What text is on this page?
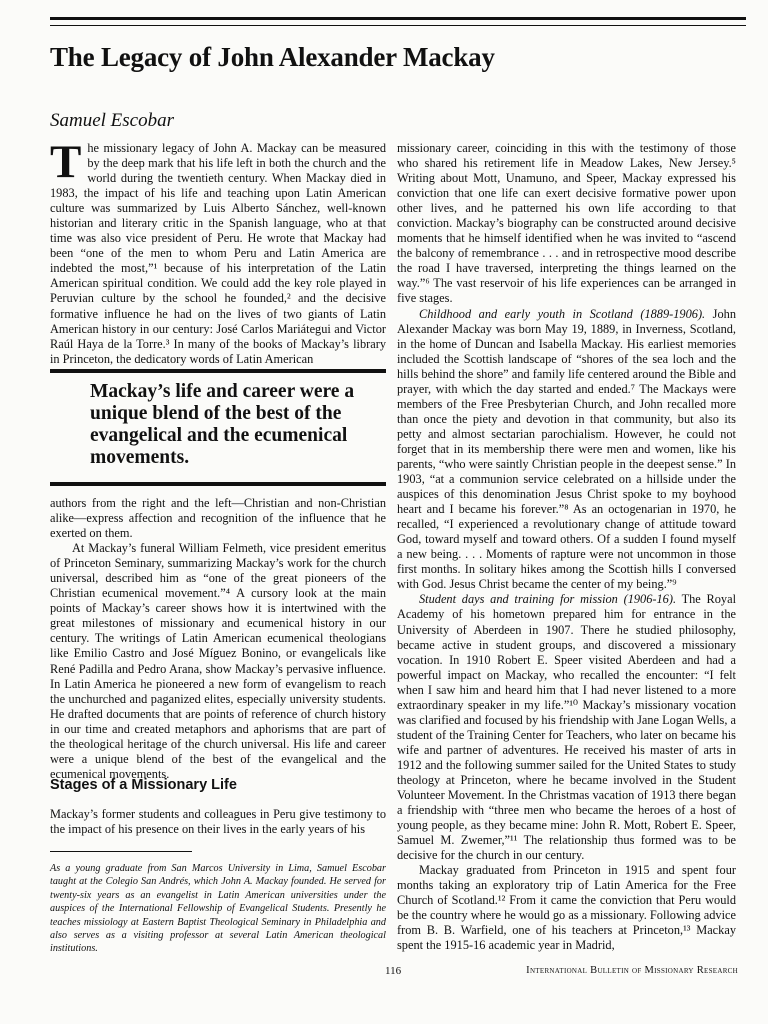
The Legacy of John Alexander Mackay

Samuel Escobar

The missionary legacy of John A. Mackay can be measured by the deep mark that his life left in both the church and the world during the twentieth century. When Mackay died in 1983, the impact of his life and teaching upon Latin American culture was summarized by Luis Alberto Sánchez, well-known historian and literary critic in the Spanish language, who at that time was also vice president of Peru. He wrote that Mackay had been “one of the men to whom Peru and Latin America are indebted the most,”¹ because of his interpretation of the Latin American spiritual condition. We could add the key role played in Peruvian culture by the school he founded,² and the decisive formative influence he had on the lives of two giants of Latin American history in our century: José Carlos Mariátegui and Victor Raúl Haya de la Torre.³ In many of the books of Mackay’s library in Princeton, the dedicatory words of Latin American

Mackay’s life and career were a unique blend of the best of the evangelical and the ecumenical movements.

authors from the right and the left—Christian and non-Christian alike—express affection and recognition of the influence that he exerted on them.

At Mackay’s funeral William Felmeth, vice president emeritus of Princeton Seminary, summarizing Mackay’s work for the church universal, described him as “one of the great pioneers of the Christian ecumenical movement.”⁴ A cursory look at the main points of Mackay’s career shows how it is intertwined with the great milestones of missionary and ecumenical history in our century. The writings of Latin American ecumenical theologians like Emilio Castro and José Míguez Bonino, or evangelicals like René Padilla and Pedro Arana, show Mackay’s pervasive influence. In Latin America he pioneered a new form of evangelism to reach the unchurched and paganized elites, especially university students. He drafted documents that are points of reference of church history in our time and created metaphors and aphorisms that are part of the theological heritage of the church universal. His life and career were a unique blend of the best of the evangelical and the ecumenical movements.

Stages of a Missionary Life

Mackay’s former students and colleagues in Peru give testimony to the impact of his presence on their lives in the early years of his

As a young graduate from San Marcos University in Lima, Samuel Escobar taught at the Colegio San Andrés, which John A. Mackay founded. He served for twenty-six years as an evangelist in Latin American universities under the auspices of the International Fellowship of Evangelical Students. Presently he teaches missiology at Eastern Baptist Theological Seminary in Philadelphia and also serves as a visiting professor at several Latin American theological institutions.

missionary career, coinciding in this with the testimony of those who shared his retirement life in Meadow Lakes, New Jersey.⁵ Writing about Mott, Unamuno, and Speer, Mackay expressed his conviction that one life can exert decisive formative power upon other lives, and he patterned his own life according to that conviction. Mackay’s biography can be constructed around decisive moments that he himself identified when he was invited to “ascend the balcony of remembrance . . . and in retrospective mood describe the road I have traversed, interpreting the things learned on the way.”⁶ The vast reservoir of his life experiences can be arranged in five stages.

Childhood and early youth in Scotland (1889-1906). John Alexander Mackay was born May 19, 1889, in Inverness, Scotland, in the home of Duncan and Isabella Mackay. His earliest memories included the Scottish landscape of “shores of the sea loch and the hills behind the shore” and family life centered around the Bible and prayer, with which the day started and ended.⁷ The Mackays were members of the Free Presbyterian Church, and John recalled more than once the piety and devotion in that community, but also its petty and almost sectarian parochialism. However, he could not forget that in its membership there were men and women, like his parents, “who were saintly Christian people in the deepest sense.” In 1903, “at a communion service celebrated on a hillside under the auspices of this denomination Jesus Christ spoke to my boyhood heart and I became his forever.”⁸ As an octogenarian in 1970, he recalled, “I experienced a revolutionary change of attitude toward God, toward myself and toward others. Of a sudden I found myself a new being. . . . Moments of rapture were not uncommon in those first months. In solitary hikes among the Scottish hills I conversed with God. Jesus Christ became the center of my being.”⁹

Student days and training for mission (1906-16). The Royal Academy of his hometown prepared him for entrance in the University of Aberdeen in 1907. There he studied philosophy, became active in student groups, and discovered a missionary vocation. In 1910 Robert E. Speer visited Aberdeen and had a powerful impact on Mackay, who recalled the encounter: “I felt when I saw him and heard him that I had never listened to a more extraordinary speaker in my life.”¹⁰ Mackay’s missionary vocation was clarified and focused by his friendship with Jane Logan Wells, a student of the Training Center for Teachers, who later on became his wife and partner of adventures. He received his master of arts in 1912 and the following summer sailed for the United States to study theology at Princeton, where he became involved in the Student Volunteer Movement. In the Christmas vacation of 1913 there began a friendship with “three men who became the heroes of a host of young people, as they became mine: John R. Mott, Robert E. Speer, Samuel M. Zwemer,”¹¹ The relationship thus formed was to be decisive for the church in our century.

Mackay graduated from Princeton in 1915 and spent four months taking an exploratory trip of Latin America for the Free Church of Scotland.¹² From it came the conviction that Peru would be the country where he would go as a missionary. Following advice from B. B. Warfield, one of his teachers at Princeton,¹³ Mackay spent the 1915-16 academic year in Madrid,

116	International Bulletin of Missionary Research
